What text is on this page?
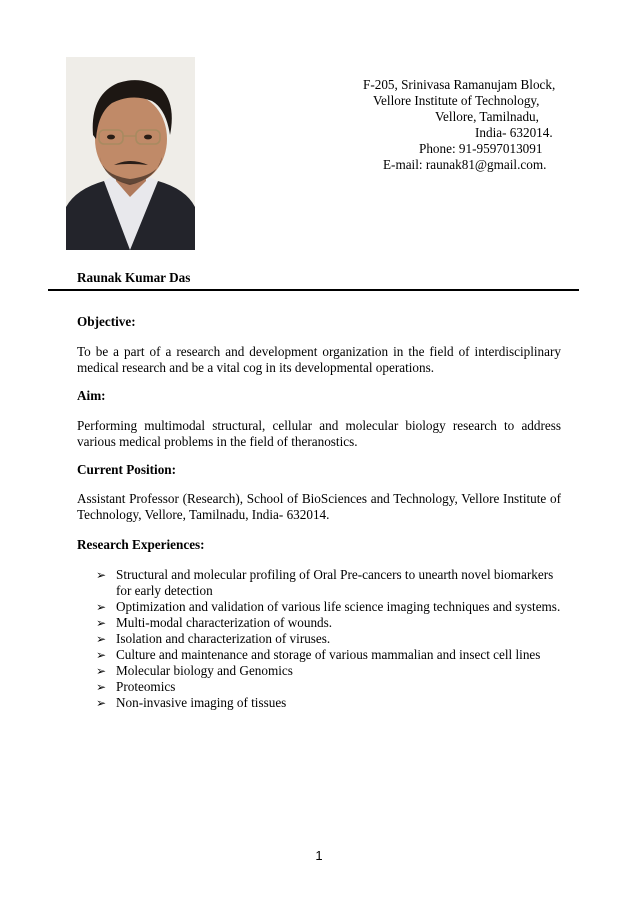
F-205, Srinivasa Ramanujam Block,
Vellore Institute of Technology,
Vellore, Tamilnadu,
India- 632014.
Phone: 91-9597013091
E-mail: raunak81@gmail.com.
Raunak Kumar Das
Objective:
To be a part of a research and development organization in the field of interdisciplinary medical research and be a vital cog in its developmental operations.
Aim:
Performing multimodal structural, cellular and molecular biology research to address various medical problems in the field of theranostics.
Current Position:
Assistant Professor (Research), School of BioSciences and Technology, Vellore Institute of Technology, Vellore, Tamilnadu, India- 632014.
Research Experiences:
➢ Structural and molecular profiling of Oral Pre-cancers to unearth novel biomarkers for early detection
➢ Optimization and validation of various life science imaging techniques and systems.
➢ Multi-modal characterization of wounds.
➢ Isolation and characterization of viruses.
➢ Culture and maintenance and storage of various mammalian and insect cell lines
➢ Molecular biology and Genomics
➢ Proteomics
➢ Non-invasive imaging of tissues
1
